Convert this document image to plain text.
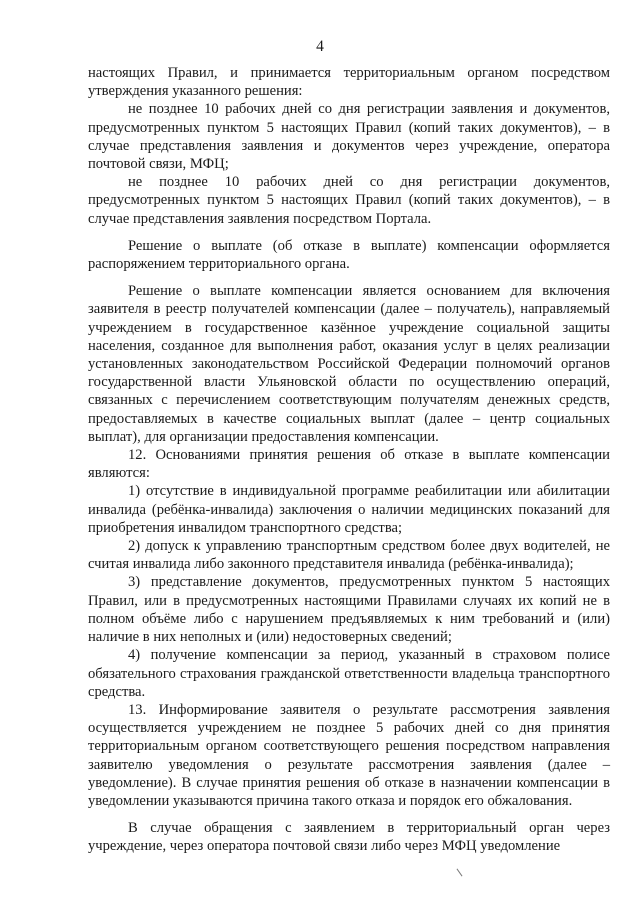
4

настоящих Правил, и принимается территориальным органом посредством утверждения указанного решения:

не позднее 10 рабочих дней со дня регистрации заявления и документов, предусмотренных пунктом 5 настоящих Правил (копий таких документов), – в случае представления заявления и документов через учреждение, оператора почтовой связи, МФЦ;

не позднее 10 рабочих дней со дня регистрации документов, предусмотренных пунктом 5 настоящих Правил (копий таких документов), – в случае представления заявления посредством Портала.

Решение о выплате (об отказе в выплате) компенсации оформляется распоряжением территориального органа.

Решение о выплате компенсации является основанием для включения заявителя в реестр получателей компенсации (далее – получатель), направляемый учреждением в государственное казённое учреждение социальной защиты населения, созданное для выполнения работ, оказания услуг в целях реализации установленных законодательством Российской Федерации полномочий органов государственной власти Ульяновской области по осуществлению операций, связанных с перечислением соответствующим получателям денежных средств, предоставляемых в качестве социальных выплат (далее – центр социальных выплат), для организации предоставления компенсации.

12. Основаниями принятия решения об отказе в выплате компенсации являются:

1) отсутствие в индивидуальной программе реабилитации или абилитации инвалида (ребёнка-инвалида) заключения о наличии медицинских показаний для приобретения инвалидом транспортного средства;

2) допуск к управлению транспортным средством более двух водителей, не считая инвалида либо законного представителя инвалида (ребёнка-инвалида);

3) представление документов, предусмотренных пунктом 5 настоящих Правил, или в предусмотренных настоящими Правилами случаях их копий не в полном объёме либо с нарушением предъявляемых к ним требований и (или) наличие в них неполных и (или) недостоверных сведений;

4) получение компенсации за период, указанный в страховом полисе обязательного страхования гражданской ответственности владельца транспортного средства.

13. Информирование заявителя о результате рассмотрения заявления осуществляется учреждением не позднее 5 рабочих дней со дня принятия территориальным органом соответствующего решения посредством направления заявителю уведомления о результате рассмотрения заявления (далее – уведомление). В случае принятия решения об отказе в назначении компенсации в уведомлении указываются причина такого отказа и порядок его обжалования.

В случае обращения с заявлением в территориальный орган через учреждение, через оператора почтовой связи либо через МФЦ уведомление
